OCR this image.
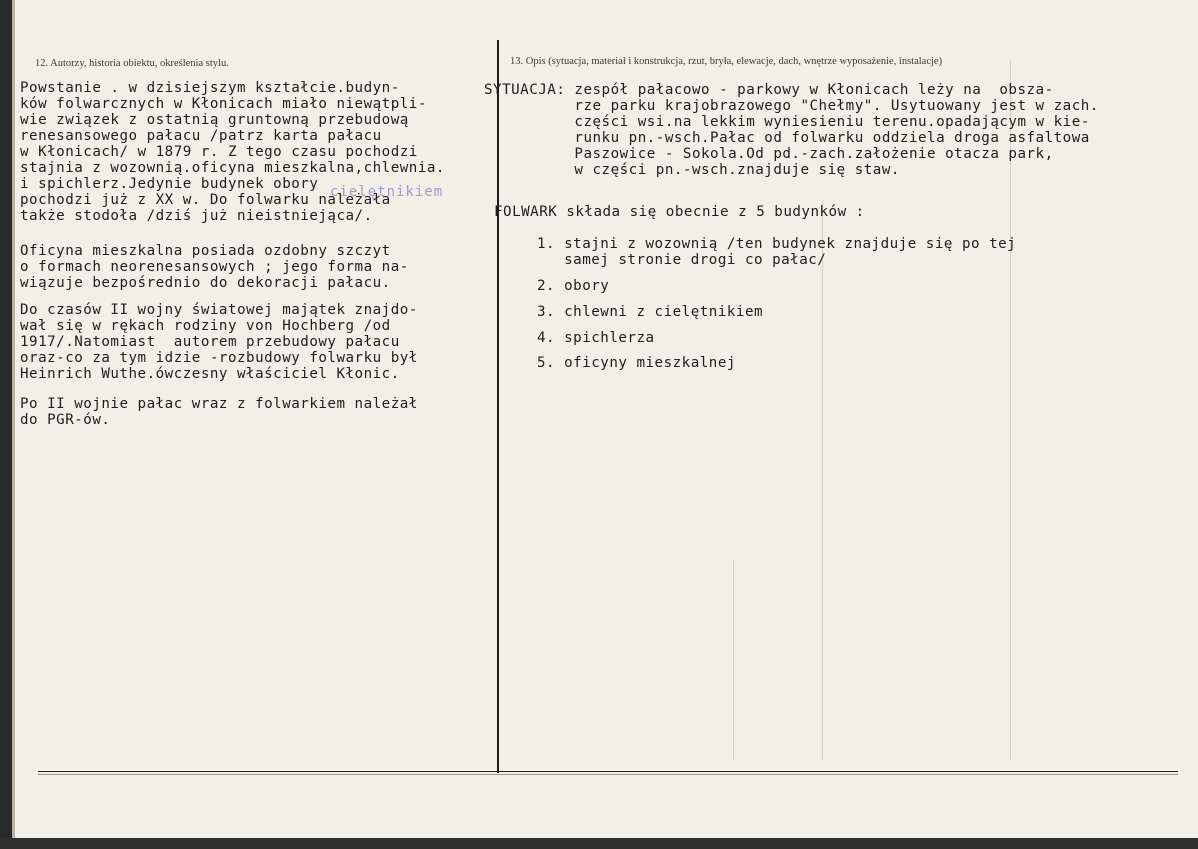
12. Autorzy, historia obiektu, określenia stylu.	13. Opis (sytuacja, materiał i konstrukcja, rzut, bryła, elewacje, dach, wnętrze wyposażenie, instalacje)
Powstanie . w dzisiejszym kształcie.budyn-
ków folwarcznych w Kłonicach miało niewątpli-
wie związek z ostatnią gruntowną przebudową
renesansowego pałacu /patrz karta pałacu
w Kłonicach/ w 1879 r. Z tego czasu pochodzi
stajnia z wozownią.oficyna mieszkalna,chlewnia.
i spichlerz.Jedynie budynek obory
pochodzi już z XX w. Do folwarku należała
także stodoła /dziś już nieistniejąca/.
cielętnikiem
Oficyna mieszkalna posiada ozdobny szczyt
o formach neorenesansowych ; jego forma na-
wiązuje bezpośrednio do dekoracji pałacu.
Do czasów II wojny światowej majątek znajdo-
wał się w rękach rodziny von Hochberg /od
1917/.Natomiast  autorem przebudowy pałacu
oraz-co za tym idzie -rozbudowy folwarku był
Heinrich Wuthe.ówczesny właściciel Kłonic.
Po II wojnie pałac wraz z folwarkiem należał
do PGR-ów.
SYTUACJA: zespół pałacowo - parkowy w Kłonicach leży na  obsza-
rze parku krajobrazowego "Chełmy". Usytuowany jest w zach.
części wsi.na lekkim wyniesieniu terenu.opadającym w kie-
runku pn.-wsch.Pałac od folwarku oddziela droga asfaltowa
Paszowice - Sokola.Od pd.-zach.założenie otacza park,
w części pn.-wsch.znajduje się staw.
FOLWARK składa się obecnie z 5 budynków :
1. stajni z wozownią /ten budynek znajduje się po tej
samej stronie drogi co pałac/
2. obory
3. chlewni z cielętnikiem
4. spichlerza
5. oficyny mieszkalnej
